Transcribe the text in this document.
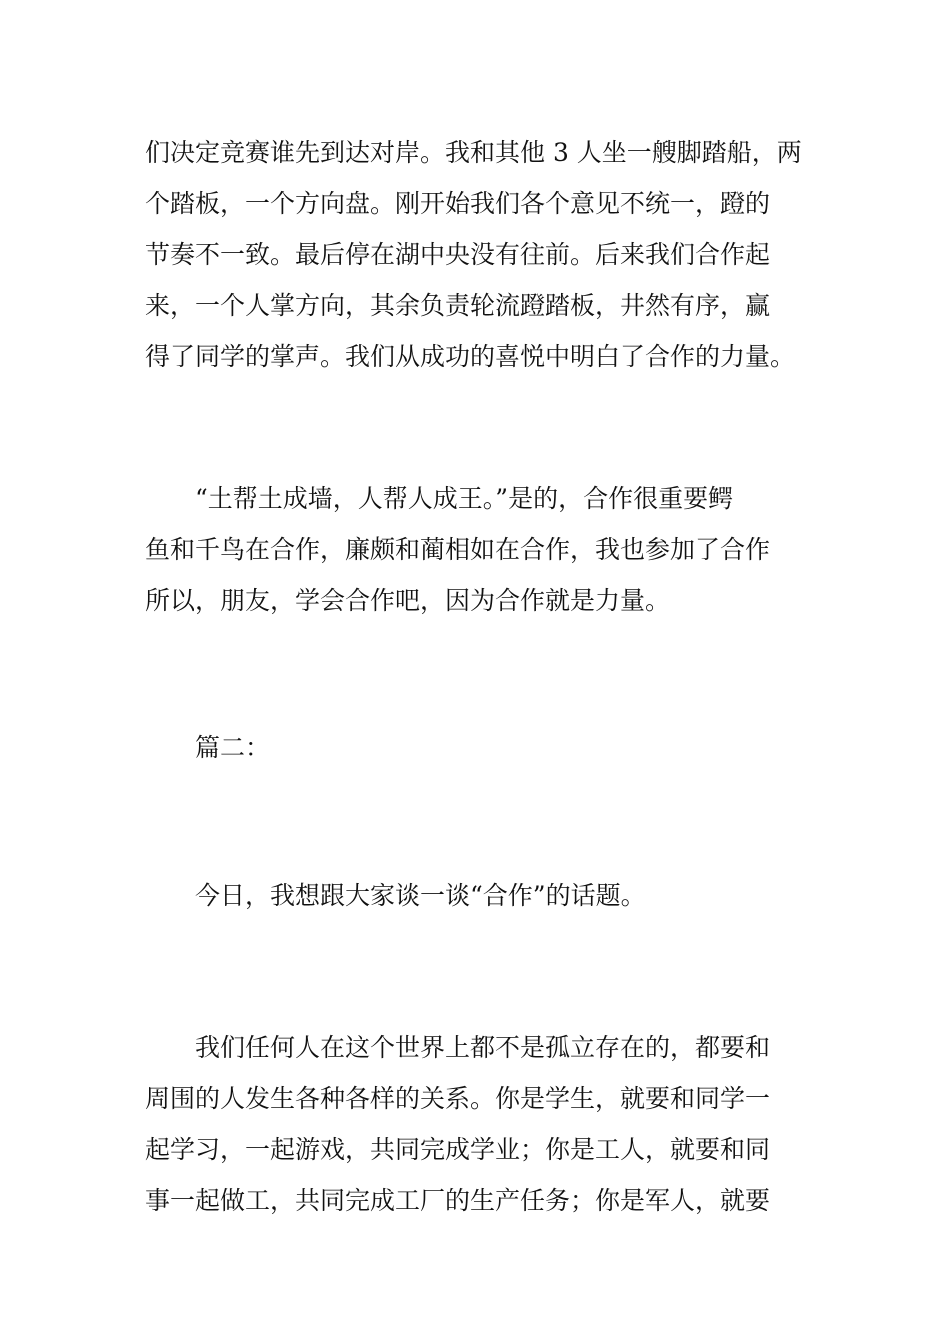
们决定竞赛谁先到达对岸。我和其他 3 人坐一艘脚踏船，两
个踏板，一个方向盘。刚开始我们各个意见不统一，蹬的
节奏不一致。最后停在湖中央没有往前。后来我们合作起
来，一个人掌方向，其余负责轮流蹬踏板，井然有序，赢
得了同学的掌声。我们从成功的喜悦中明白了合作的力量。
“土帮土成墙，人帮人成王。”是的，合作很重要鳄
鱼和千鸟在合作，廉颇和蔺相如在合作，我也参加了合作
所以，朋友，学会合作吧，因为合作就是力量。

篇二：

今日，我想跟大家谈一谈“合作”的话题。
我们任何人在这个世界上都不是孤立存在的，都要和
周围的人发生各种各样的关系。你是学生，就要和同学一
起学习，一起游戏，共同完成学业；你是工人，就要和同
事一起做工，共同完成工厂的生产任务；你是军人，就要
